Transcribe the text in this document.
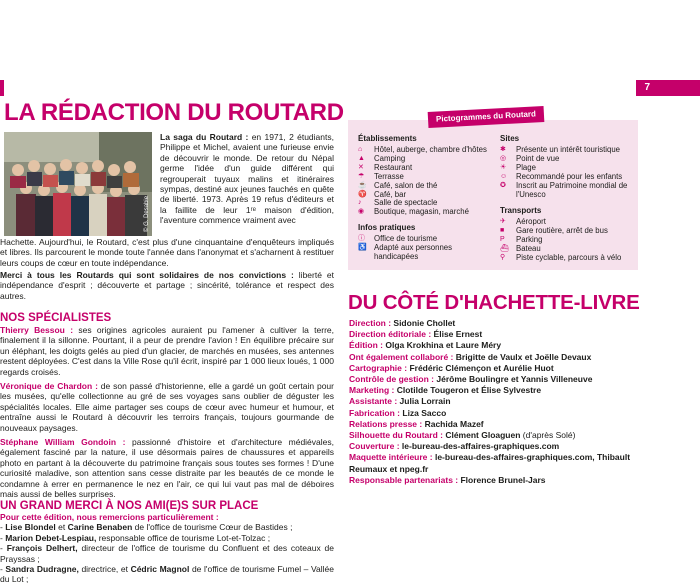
7
LA RÉDACTION DU ROUTARD
© G. Desabie
La saga du Routard : en 1971, 2 étudiants, Philippe et Michel, avaient une furieuse envie de découvrir le monde. De retour du Népal germe l'idée d'un guide différent qui regrouperait tuyaux malins et itinéraires sympas, destiné aux jeunes fauchés en quête de liberté. 1973. Après 19 refus d'éditeurs et la faillite de leur 1ʳᵉ maison d'édition, l'aventure commence vraiment avec
Hachette. Aujourd'hui, le Routard, c'est plus d'une cinquantaine d'enquêteurs impliqués et libres. Ils parcourent le monde toute l'année dans l'anonymat et s'acharnent à restituer leurs coups de cœur en toute indépendance.
Merci à tous les Routards qui sont solidaires de nos convictions : liberté et indépendance d'esprit ; découverte et partage ; sincérité, tolérance et respect des autres.
NOS SPÉCIALISTES

Thierry Bessou : ses origines agricoles auraient pu l'amener à cultiver la terre, finalement il la sillonne. Pourtant, il a peur de prendre l'avion ! En équilibre précaire sur un éléphant, les doigts gelés au pied d'un glacier, de marchés en musées, ses antennes restent déployées. C'est dans la Ville Rose qu'il écrit, inspiré par 1 000 lieux loués, 1 000 regards croisés.

Véronique de Chardon : de son passé d'historienne, elle a gardé un goût certain pour les musées, qu'elle collectionne au gré de ses voyages sans oublier de déguster les spécialités locales. Elle aime partager ses coups de cœur avec humeur et humour, et entraîne aussi le Routard à découvrir les terroirs français, toujours gourmande de nouveaux paysages.

Stéphane William Gondoin : passionné d'histoire et d'architecture médiévales, également fasciné par la nature, il use désormais paires de chaussures et appareils photo en partant à la découverte du patrimoine français sous toutes ses formes ! D'une curiosité maladive, son attention sans cesse distraite par les beautés de ce monde le condamne à errer en permanence le nez en l'air, ce qui lui vaut pas mal de déboires mais aussi de belles surprises.

UN GRAND MERCI À NOS AMI(E)S SUR PLACE

Pour cette édition, nous remercions particulièrement :

- Lise Blondel et Carine Benaben de l'office de tourisme Cœur de Bastides ;

- Marion Debet-Lespiau, responsable office de tourisme Lot-et-Tolzac ;

- François Delhert, directeur de l'office de tourisme du Confluent et des coteaux de Prayssas ;

- Sandra Dudragne, directrice, et Cédric Magnol de l'office de tourisme Fumel – Vallée du Lot ;

Pictogrammes du Routard
Établissements
⌂	Hôtel, auberge, chambre d'hôtes
▲	Camping
✕	Restaurant
☂	Terrasse
☕ Café, salon de thé
♈ Café, bar
♪	Salle de spectacle
◉	Boutique, magasin, marché
Infos pratiques
ⓘ	Office de tourisme
♿ Adapté aux personnes handicapées
Sites
✱	Présente un intérêt touristique
◎	Point de vue
☀	Plage
☺	Recommandé pour les enfants
✪	Inscrit au Patrimoine mondial de l'Unesco
Transports
✈	Aéroport
■	Gare routière, arrêt de bus
P	Parking
⛴ Bateau
⚲	Piste cyclable, parcours à vélo
DU CÔTÉ D'HACHETTE-LIVRE

Direction : Sidonie Chollet

Direction éditoriale : Élise Ernest

Édition : Olga Krokhina et Laure Méry

Ont également collaboré : Brigitte de Vaulx et Joëlle Devaux

Cartographie : Frédéric Clémençon et Aurélie Huot

Contrôle de gestion : Jérôme Boulingre et Yannis Villeneuve

Marketing : Clotilde Tougeron et Élise Sylvestre

Assistante : Julia Lorrain

Fabrication : Liza Sacco

Relations presse : Rachida Mazef

Silhouette du Routard : Clément Gloaguen (d'après Solé)

Couverture : le-bureau-des-affaires-graphiques.com

Maquette intérieure : le-bureau-des-affaires-graphiques.com, Thibault Reumaux et npeg.fr

Responsable partenariats : Florence Brunel-Jars
